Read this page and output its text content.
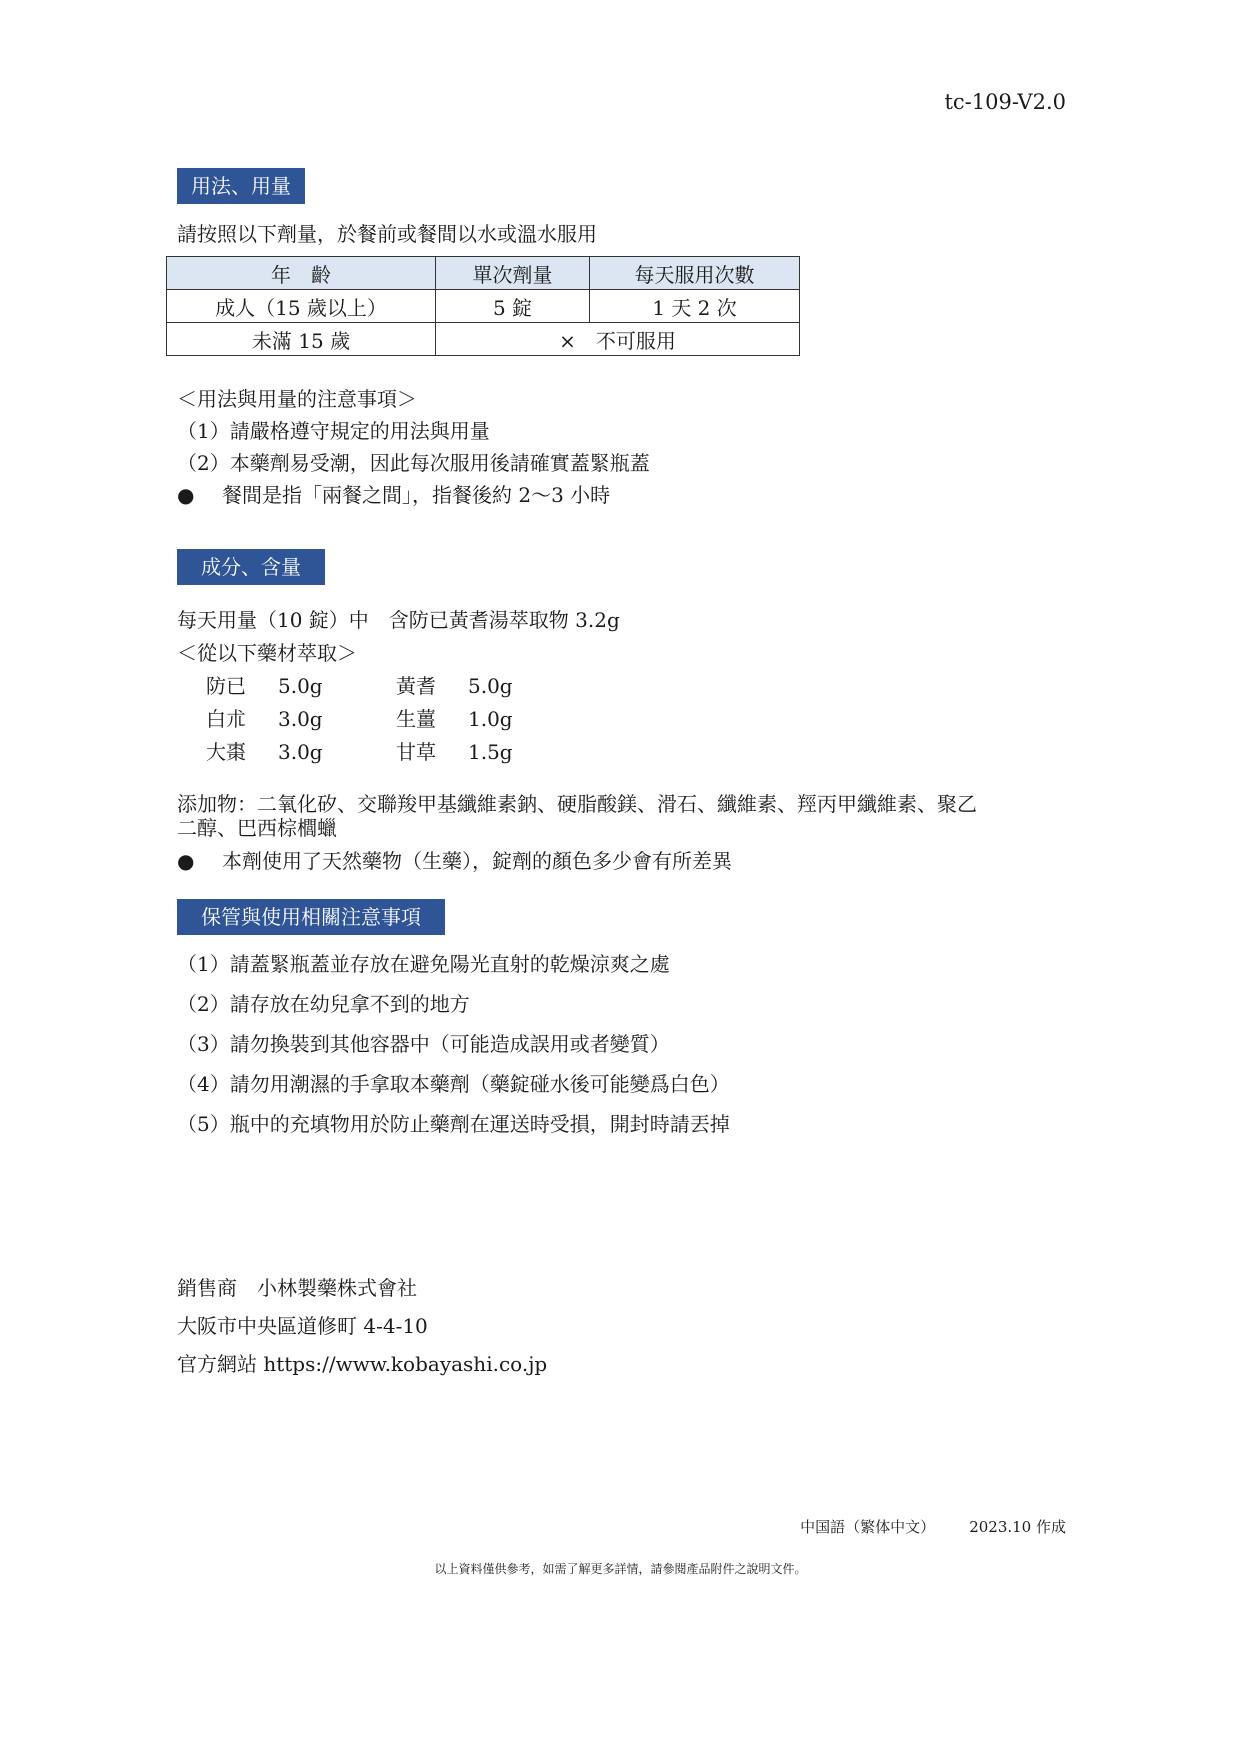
tc-109-V2.0
用法、用量
請按照以下劑量，於餐前或餐間以水或溫水服用
年　齡	單次劑量	每天服用次數
成人（15 歲以上）	5 錠	1 天 2 次
未滿 15 歲	×　不可服用	
＜用法與用量的注意事項＞
（1）請嚴格遵守規定的用法與用量
（2）本藥劑易受潮，因此每次服用後請確實蓋緊瓶蓋
● 餐間是指「兩餐之間」，指餐後約 2～3 小時
成分、含量
每天用量（10 錠）中　含防已黃耆湯萃取物 3.2g
＜從以下藥材萃取＞
防已 5.0g	黃耆 5.0g
白朮 3.0g	生薑 1.0g
大棗 3.0g	甘草 1.5g
添加物：二氧化矽、交聯羧甲基纖維素鈉、硬脂酸鎂、滑石、纖維素、羥丙甲纖維素、聚乙
二醇、巴西棕櫚蠟
● 本劑使用了天然藥物（生藥），錠劑的顏色多少會有所差異
保管與使用相關注意事項
（1）請蓋緊瓶蓋並存放在避免陽光直射的乾燥涼爽之處
（2）請存放在幼兒拿不到的地方
（3）請勿換裝到其他容器中（可能造成誤用或者變質）
（4）請勿用潮濕的手拿取本藥劑（藥錠碰水後可能變爲白色）
（5）瓶中的充填物用於防止藥劑在運送時受損，開封時請丟掉
銷售商　小林製藥株式會社
大阪市中央區道修町 4-4-10
官方網站 https://www.kobayashi.co.jp
中国語（繁体中文） 2023.10 作成
以上資料僅供參考，如需了解更多詳情，請參閱產品附件之說明文件。
